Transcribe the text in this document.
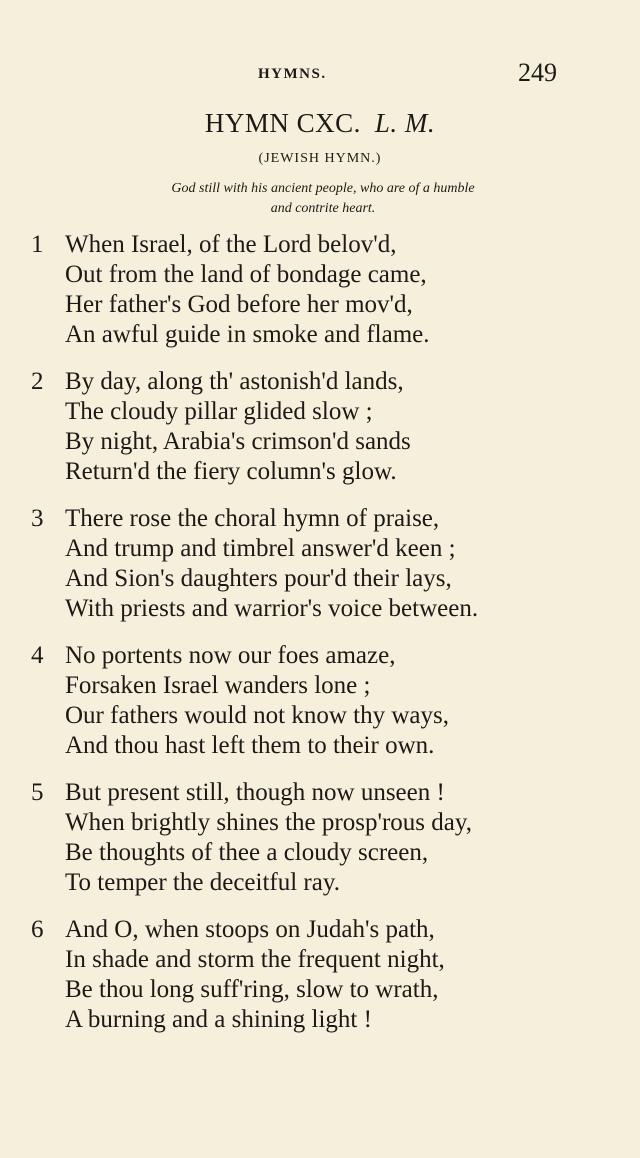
HYMNS.	249
HYMN CXC. L. M.
(JEWISH HYMN.)
God still with his ancient people, who are of a humble
and contrite heart.
1 When Israel, of the Lord belov'd,
Out from the land of bondage came,
Her father's God before her mov'd,
An awful guide in smoke and flame.
2 By day, along th' astonish'd lands,
The cloudy pillar glided slow ;
By night, Arabia's crimson'd sands
Return'd the fiery column's glow.
3 There rose the choral hymn of praise,
And trump and timbrel answer'd keen ;
And Sion's daughters pour'd their lays,
With priests and warrior's voice between.
4 No portents now our foes amaze,
Forsaken Israel wanders lone ;
Our fathers would not know thy ways,
And thou hast left them to their own.
5 But present still, though now unseen !
When brightly shines the prosp'rous day,
Be thoughts of thee a cloudy screen,
To temper the deceitful ray.
6 And O, when stoops on Judah's path,
In shade and storm the frequent night,
Be thou long suff'ring, slow to wrath,
A burning and a shining light !
